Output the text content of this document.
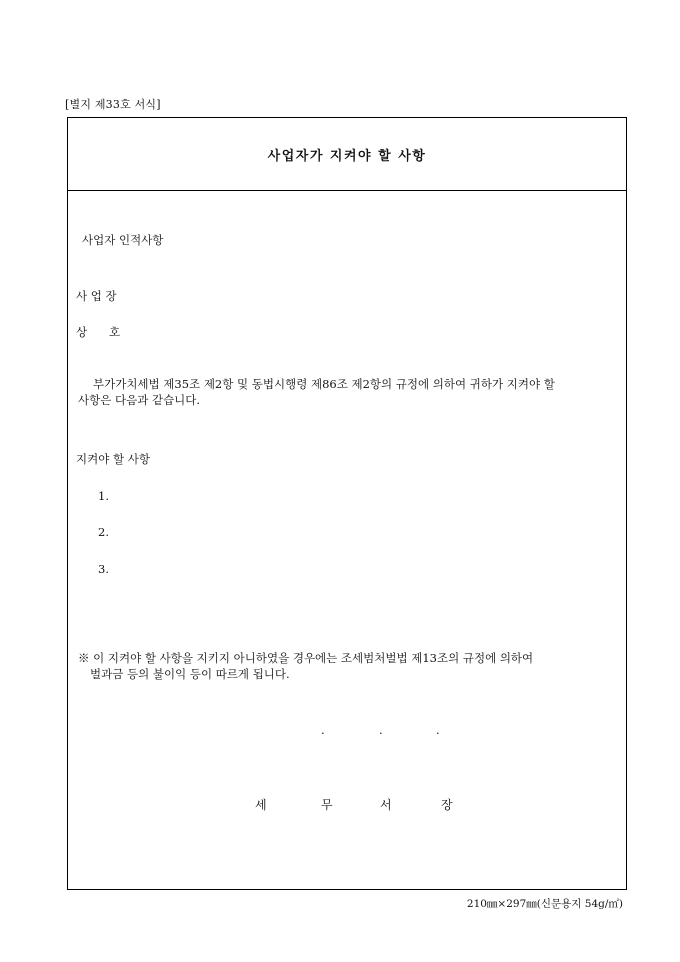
[별지 제33호 서식]
사업자가 지켜야 할 사항
사업자 인적사항
사 업 장
상      호
부가가치세법 제35조 제2항 및 동법시행령 제86조 제2항의 규정에 의하여 귀하가 지켜야 할
사항은 다음과 같습니다.
지켜야 할 사항
1.
2.
3.
※ 이 지켜야 할 사항을 지키지 아니하였을 경우에는 조세범처벌법 제13조의 규정에 의하여
벌과금 등의 불이익 등이 따르게 됩니다.
.	.	.
세	무	서	장
210㎜×297㎜(신문용지 54g/㎡)
